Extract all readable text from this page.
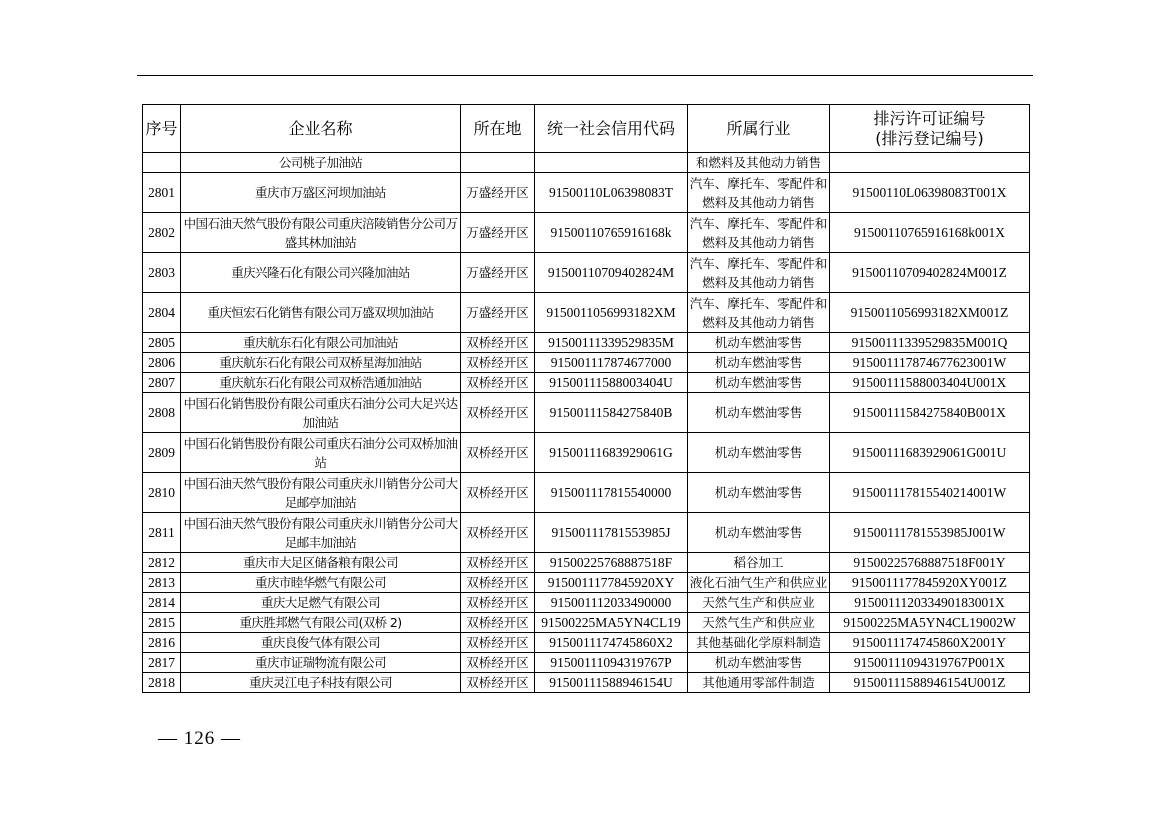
序号	企业名称	所在地	统一社会信用代码	所属行业	排污许可证编号
(排污登记编号)

	公司桃子加油站			和燃料及其他动力销售	
2801	重庆市万盛区河坝加油站	万盛经开区	91500110L06398083T	汽车、摩托车、零配件和燃料及其他动力销售	91500110L06398083T001X
2802	中国石油天然气股份有限公司重庆涪陵销售分公司万盛其林加油站	万盛经开区	915001107659161​68k	汽车、摩托车、零配件和燃料及其他动力销售	915001107659161​68k001X
2803	重庆兴隆石化有限公司兴隆加油站	万盛经开区	91500110709402824M	汽车、摩托车、零配件和燃料及其他动力销售	91500110709402824M001Z
2804	重庆恒宏石化销售有限公司万盛双坝加油站	万盛经开区	9150011056993182XM	汽车、摩托车、零配件和燃料及其他动力销售	9150011056993182XM001Z
2805	重庆航东石化有限公司加油站	双桥经开区	91500111339529835M	机动车燃油零售	91500111339529835M001Q
2806	重庆航东石化有限公司双桥星海加油站	双桥经开区	915001117874677000	机动车燃油零售	915001117874677623001W
2807	重庆航东石化有限公司双桥浩通加油站	双桥经开区	91500111588003404U	机动车燃油零售	91500111588003404U001X
2808	中国石化销售股份有限公司重庆石油分公司大足兴达加油站	双桥经开区	91500111584275840B	机动车燃油零售	91500111584275840B001X
2809	中国石化销售股份有限公司重庆石油分公司双桥加油站	双桥经开区	91500111683929061G	机动车燃油零售	91500111683929061G001U
2810	中国石油天然气股份有限公司重庆永川销售分公司大足邮亭加油站	双桥经开区	915001117815540000	机动车燃油零售	915001117815540214001W
2811	中国石油天然气股份有限公司重庆永川销售分公司大足邮丰加油站	双桥经开区	91500111781553985J	机动车燃油零售	91500111781553985J001W
2812	重庆市大足区储备粮有限公司	双桥经开区	91500225768887518F	稻谷加工	91500225768887518F001Y
2813	重庆市睦华燃气有限公司	双桥经开区	91500111778459​20XY	液化石油气生产和供应业	91500111778459​20XY001Z
2814	重庆大足燃气有限公司	双桥经开区	915001112033490000	天然气生产和供应业	915001112033490183001X
2815	重庆胜邦燃气有限公司(双桥 2)	双桥经开区	91500225MA5YN4CL19	天然气生产和供应业	91500225MA5YN4CL19002W
2816	重庆良俊气体有限公司	双桥经开区	9150011174745860X2	其他基础化学原料制造	9150011174745860X2001Y
2817	重庆市证瑞物流有限公司	双桥经开区	91500111094319767P	机动车燃油零售	91500111094319767P001X
2818	重庆灵江电子科技有限公司	双桥经开区	91500111588946154U	其他通用零部件制造	91500111588946154U001Z
— 126 —
